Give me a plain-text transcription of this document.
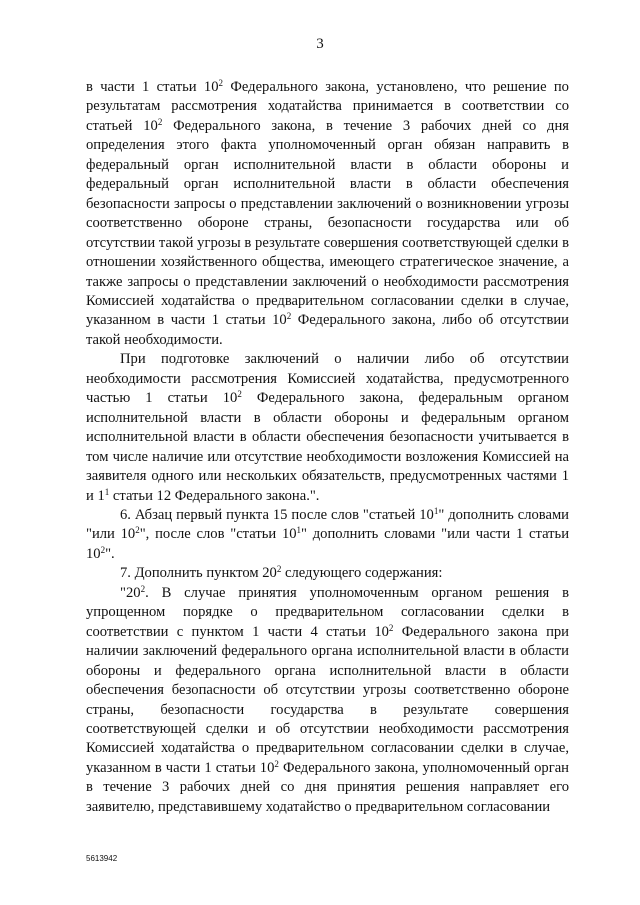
3

в части 1 статьи $10^2$ Федерального закона, установлено, что решение по результатам рассмотрения ходатайства принимается в соответствии со статьей $10^2$ Федерального закона, в течение 3 рабочих дней со дня определения этого факта уполномоченный орган обязан направить в федеральный орган исполнительной власти в области обороны и федеральный орган исполнительной власти в области обеспечения безопасности запросы о представлении заключений о возникновении угрозы соответственно обороне страны, безопасности государства или об отсутствии такой угрозы в результате совершения соответствующей сделки в отношении хозяйственного общества, имеющего стратегическое значение, а также запросы о представлении заключений о необходимости рассмотрения Комиссией ходатайства о предварительном согласовании сделки в случае, указанном в части 1 статьи $10^2$ Федерального закона, либо об отсутствии такой необходимости.

При подготовке заключений о наличии либо об отсутствии необходимости рассмотрения Комиссией ходатайства, предусмотренного частью 1 статьи $10^2$ Федерального закона, федеральным органом исполнительной власти в области обороны и федеральным органом исполнительной власти в области обеспечения безопасности учитывается в том числе наличие или отсутствие необходимости возложения Комиссией на заявителя одного или нескольких обязательств, предусмотренных частями 1 и $1^1$ статьи 12 Федерального закона.".

6. Абзац первый пункта 15 после слов "статьей $10^1$" дополнить словами "или $10^2$", после слов "статьи $10^1$" дополнить словами "или части 1 статьи $10^2$".

7. Дополнить пунктом $20^2$ следующего содержания:

"$20^2$. В случае принятия уполномоченным органом решения в упрощенном порядке о предварительном согласовании сделки в соответствии с пунктом 1 части 4 статьи $10^2$ Федерального закона при наличии заключений федерального органа исполнительной власти в области обороны и федерального органа исполнительной власти в области обеспечения безопасности об отсутствии угрозы соответственно обороне страны, безопасности государства в результате совершения соответствующей сделки и об отсутствии необходимости рассмотрения Комиссией ходатайства о предварительном согласовании сделки в случае, указанном в части 1 статьи $10^2$ Федерального закона, уполномоченный орган в течение 3 рабочих дней со дня принятия решения направляет его заявителю, представившему ходатайство о предварительном согласовании

5613942
